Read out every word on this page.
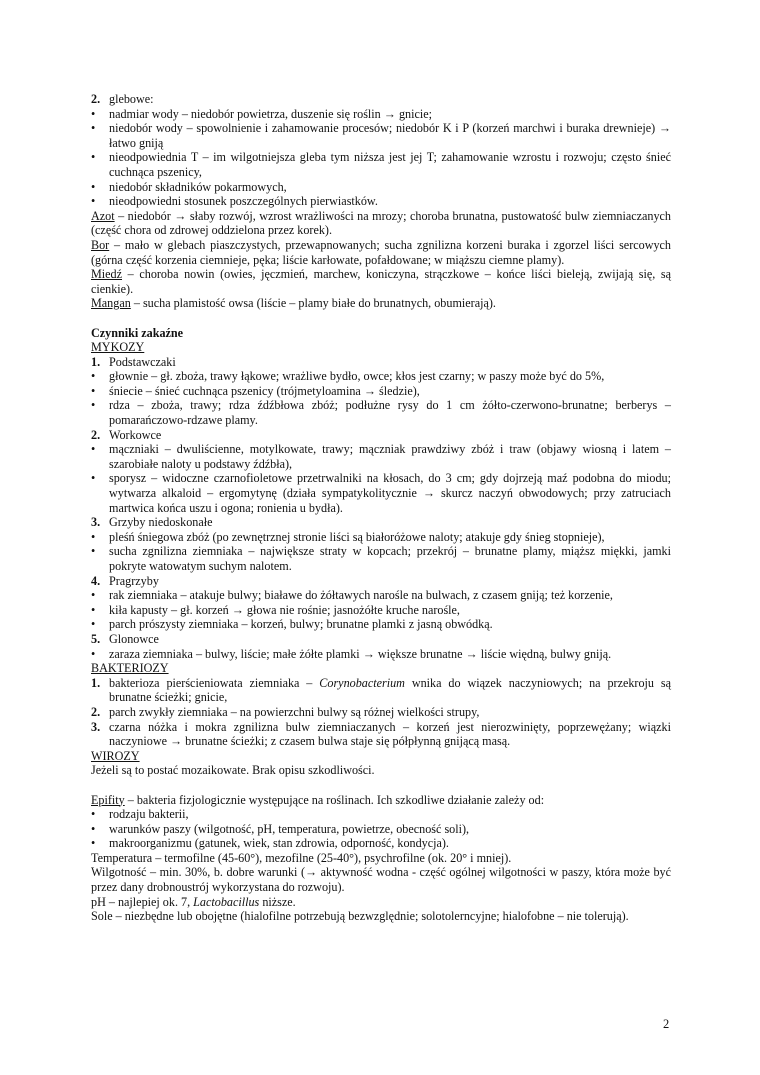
2. glebowe:
• nadmiar wody – niedobór powietrza, duszenie się roślin → gnicie;
• niedobór wody – spowolnienie i zahamowanie procesów; niedobór K i P (korzeń marchwi i buraka drewnieje) → łatwo gniją
• nieodpowiednia T – im wilgotniejsza gleba tym niższa jest jej T; zahamowanie wzrostu i rozwoju; często śnieć cuchnąca pszenicy,
• niedobór składników pokarmowych,
• nieodpowiedni stosunek poszczególnych pierwiastków.

Azot – niedobór → słaby rozwój, wzrost wrażliwości na mrozy; choroba brunatna, pustowatość bulw ziemniaczanych (część chora od zdrowej oddzielona przez korek).

Bor – mało w glebach piaszczystych, przewapnowanych; sucha zgnilizna korzeni buraka i zgorzel liści sercowych (górna część korzenia ciemnieje, pęka; liście karłowate, pofałdowane; w miąższu ciemne plamy).

Miedź – choroba nowin (owies, jęczmień, marchew, koniczyna, strączkowe – końce liści bieleją, zwijają się, są cienkie).

Mangan – sucha plamistość owsa (liście – plamy białe do brunatnych, obumierają).

Czynniki zakaźne

MYKOZY

1. Podstawczaki
• głownie – gł. zboża, trawy łąkowe; wrażliwe bydło, owce; kłos jest czarny; w paszy może być do 5%,
• śniecie – śnieć cuchnąca pszenicy (trójmetyloamina → śledzie),
• rdza – zboża, trawy; rdza źdźbłowa zbóż; podłużne rysy do 1 cm żółto-czerwono-brunatne; berberys – pomarańczowo-rdzawe plamy.
2. Workowce
• mączniaki – dwuliścienne, motylkowate, trawy; mączniak prawdziwy zbóż i traw (objawy wiosną i latem – szarobiałe naloty u podstawy źdźbła),
• sporysz – widoczne czarnofioletowe przetrwalniki na kłosach, do 3 cm; gdy dojrzeją maź podobna do miodu; wytwarza alkaloid – ergomytynę (działa sympatykolitycznie → skurcz naczyń obwodowych; przy zatruciach martwica końca uszu i ogona; ronienia u bydła).
3. Grzyby niedoskonałe
• pleśń śniegowa zbóż (po zewnętrznej stronie liści są białoróżowe naloty; atakuje gdy śnieg stopnieje),
• sucha zgnilizna ziemniaka – największe straty w kopcach; przekrój – brunatne plamy, miąższ miękki, jamki pokryte watowatym suchym nalotem.
4. Pragrzyby
• rak ziemniaka – atakuje bulwy; białawe do żółtawych narośle na bulwach, z czasem gniją; też korzenie,
• kiła kapusty – gł. korzeń → głowa nie rośnie; jasnożółte kruche narośle,
• parch prószysty ziemniaka – korzeń, bulwy; brunatne plamki z jasną obwódką.
5. Glonowce
• zaraza ziemniaka – bulwy, liście; małe żółte plamki → większe brunatne → liście więdną, bulwy gniją.

BAKTERIOZY

1. bakterioza pierścieniowata ziemniaka – Corynobacterium wnika do wiązek naczyniowych; na przekroju są brunatne ścieżki; gnicie,
2. parch zwykły ziemniaka – na powierzchni bulwy są różnej wielkości strupy,
3. czarna nóżka i mokra zgnilizna bulw ziemniaczanych – korzeń jest nierozwinięty, poprzewężany; wiązki naczyniowe → brunatne ścieżki; z czasem bulwa staje się półpłynną gnijącą masą.

WIROZY

Jeżeli są to postać mozaikowate. Brak opisu szkodliwości.

Epifity – bakteria fizjologicznie występujące na roślinach. Ich szkodliwe działanie zależy od:

• rodzaju bakterii,
• warunków paszy (wilgotność, pH, temperatura, powietrze, obecność soli),
• makroorganizmu (gatunek, wiek, stan zdrowia, odporność, kondycja).

Temperatura – termofilne (45-60°), mezofilne (25-40°), psychrofilne (ok. 20° i mniej).

Wilgotność – min. 30%, b. dobre warunki (→ aktywność wodna - część ogólnej wilgotności w paszy, która może być przez dany drobnoustrój wykorzystana do rozwoju).

pH – najlepiej ok. 7, Lactobacillus niższe.

Sole – niezbędne lub obojętne (hialofilne potrzebują bezwzględnie; solotolerncyjne; hialofobne – nie tolerują).

2
